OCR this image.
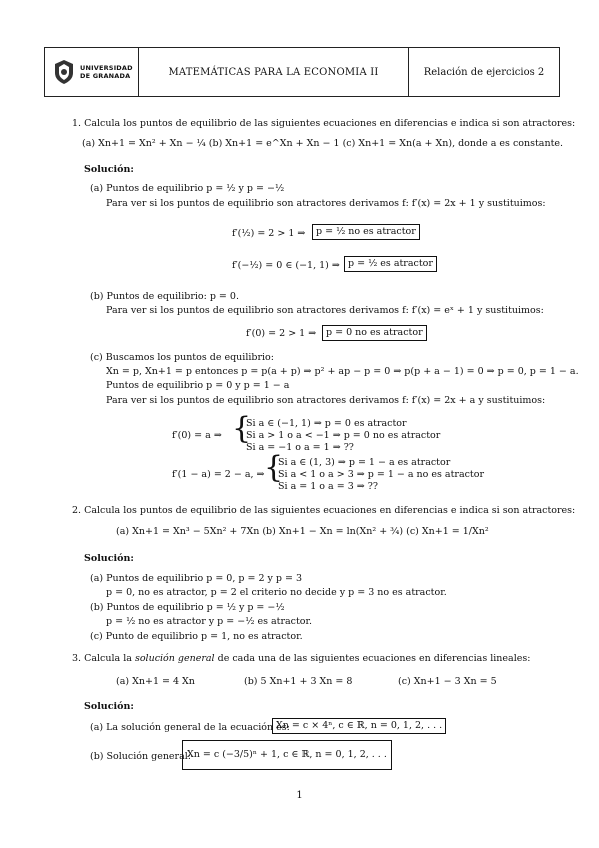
UNIVERSIDAD
DE GRANADA	MATEMÁTICAS PARA LA ECONOMIA II	Relación de ejercicios 2
1. Calcula los puntos de equilibrio de las siguientes ecuaciones en diferencias e indica si son atractores:
(a) Xn+1 = Xn² + Xn − ¼ (b) Xn+1 = e^Xn + Xn − 1 (c) Xn+1 = Xn(a + Xn), donde a es constante.
Solución:
(a) Puntos de equilibrio p = ½ y p = −½
Para ver si los puntos de equilibrio son atractores derivamos f: f′(x) = 2x + 1 y sustituimos:
f′(½) = 2 > 1 ⇒	p = ½ no es atractor
f′(−½) = 0 ∈ (−1, 1) ⇒ p = ½ es atractor
(b) Puntos de equilibrio: p = 0.
Para ver si los puntos de equilibrio son atractores derivamos f: f′(x) = eˣ + 1 y sustituimos:
f′(0) = 2 > 1 ⇒	p = 0 no es atractor
(c) Buscamos los puntos de equilibrio:
Xn = p, Xn+1 = p entonces p = p(a + p) ⇒ p² + ap − p = 0 ⇒ p(p + a − 1) = 0 ⇒ p = 0, p = 1 − a.
Puntos de equilibrio p = 0 y p = 1 − a
Para ver si los puntos de equilibrio son atractores derivamos f: f′(x) = 2x + a y sustituimos:
f′(0) = a ⇒ {
Si a ∈ (−1, 1) ⇒ p = 0 es atractor
Si a > 1 o a < −1 ⇒ p = 0 no es atractor
Si a = −1 o a = 1 ⇒ ??
f′(1 − a) = 2 − a, ⇒ {
Si a ∈ (1, 3) ⇒ p = 1 − a es atractor
Si a < 1 o a > 3 ⇒ p = 1 − a no es atractor
Si a = 1 o a = 3 ⇒ ??
2. Calcula los puntos de equilibrio de las siguientes ecuaciones en diferencias e indica si son atractores:
(a) Xn+1 = Xn³ − 5Xn² + 7Xn (b) Xn+1 − Xn = ln(Xn² + ¾) (c) Xn+1 = 1/Xn²
Solución:
(a) Puntos de equilibrio p = 0, p = 2 y p = 3
p = 0, no es atractor, p = 2 el criterio no decide y p = 3 no es atractor.
(b) Puntos de equilibrio p = ½ y p = −½
p = ½ no es atractor y p = −½ es atractor.
(c) Punto de equilibrio p = 1, no es atractor.
3. Calcula la solución general de cada una de las siguientes ecuaciones en diferencias lineales:
(a) Xn+1 = 4 Xn	(b) 5 Xn+1 + 3 Xn = 8	(c) Xn+1 − 3 Xn = 5
Solución:
(a) La solución general de la ecuación es:
Xn = c × 4ⁿ, c ∈ ℝ, n = 0, 1, 2, . . .
(b) Solución general:
Xn = c (−3/5)ⁿ + 1, c ∈ ℝ, n = 0, 1, 2, . . .
1
